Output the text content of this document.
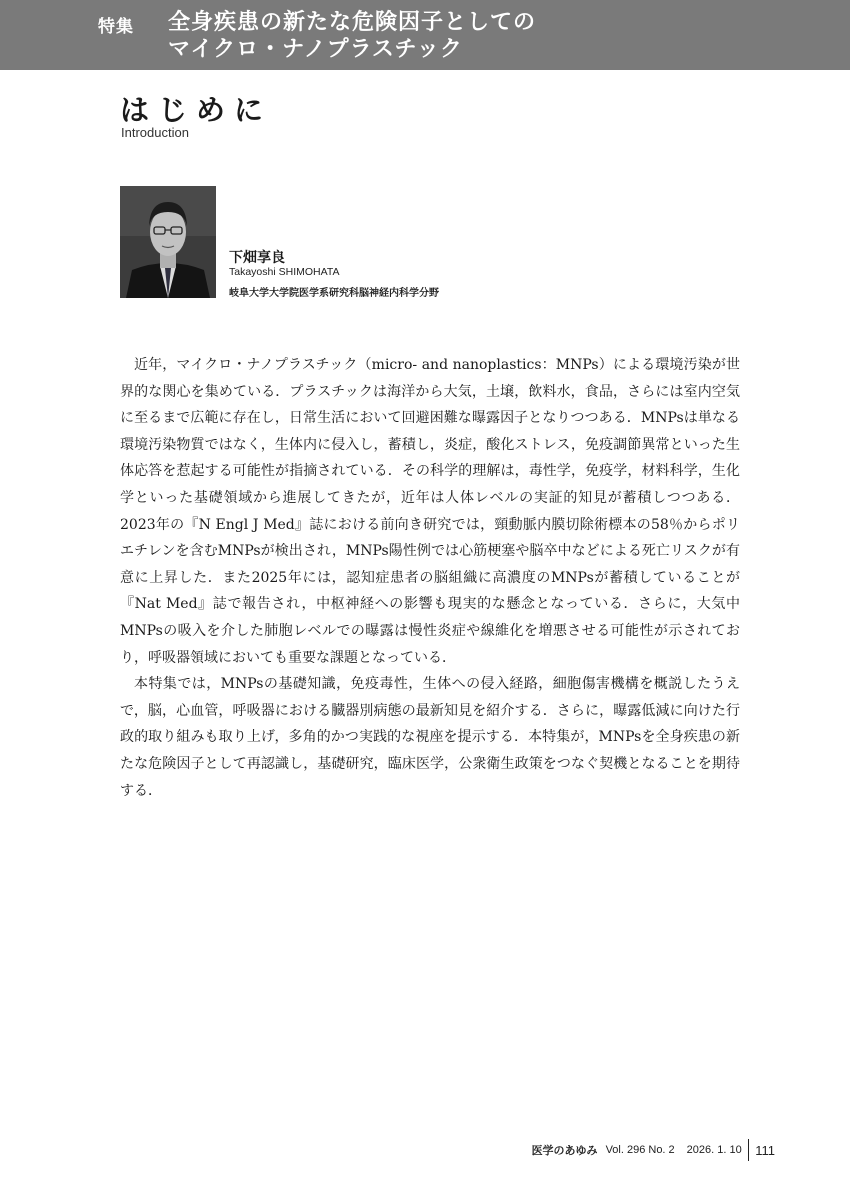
特集 全身疾患の新たな危険因子としての
マイクロ・ナノプラスチック
はじめに
Introduction
下畑享良
Takayoshi SHIMOHATA
岐阜大学大学院医学系研究科脳神経内科学分野

近年，マイクロ・ナノプラスチック（micro- and nanoplastics：MNPs）による環境汚染が世界的な関心を集めている．プラスチックは海洋から大気，土壌，飲料水，食品，さらには室内空気に至るまで広範に存在し，日常生活において回避困難な曝露因子となりつつある．MNPsは単なる環境汚染物質ではなく，生体内に侵入し，蓄積し，炎症，酸化ストレス，免疫調節異常といった生体応答を惹起する可能性が指摘されている．その科学的理解は，毒性学，免疫学，材料科学，生化学といった基礎領域から進展してきたが，近年は人体レベルの実証的知見が蓄積しつつある．2023年の『N Engl J Med』誌における前向き研究では，頸動脈内膜切除術標本の58％からポリエチレンを含むMNPsが検出され，MNPs陽性例では心筋梗塞や脳卒中などによる死亡リスクが有意に上昇した．また2025年には，認知症患者の脳組織に高濃度のMNPsが蓄積していることが『Nat Med』誌で報告され，中枢神経への影響も現実的な懸念となっている．さらに，大気中MNPsの吸入を介した肺胞レベルでの曝露は慢性炎症や線維化を増悪させる可能性が示されており，呼吸器領域においても重要な課題となっている．

本特集では，MNPsの基礎知識，免疫毒性，生体への侵入経路，細胞傷害機構を概説したうえで，脳，心血管，呼吸器における臓器別病態の最新知見を紹介する．さらに，曝露低減に向けた行政的取り組みも取り上げ，多角的かつ実践的な視座を提示する．本特集が，MNPsを全身疾患の新たな危険因子として再認識し，基礎研究，臨床医学，公衆衛生政策をつなぐ契機となることを期待する．

医学のあゆみ Vol. 296 No. 2 2026. 1. 10 111
